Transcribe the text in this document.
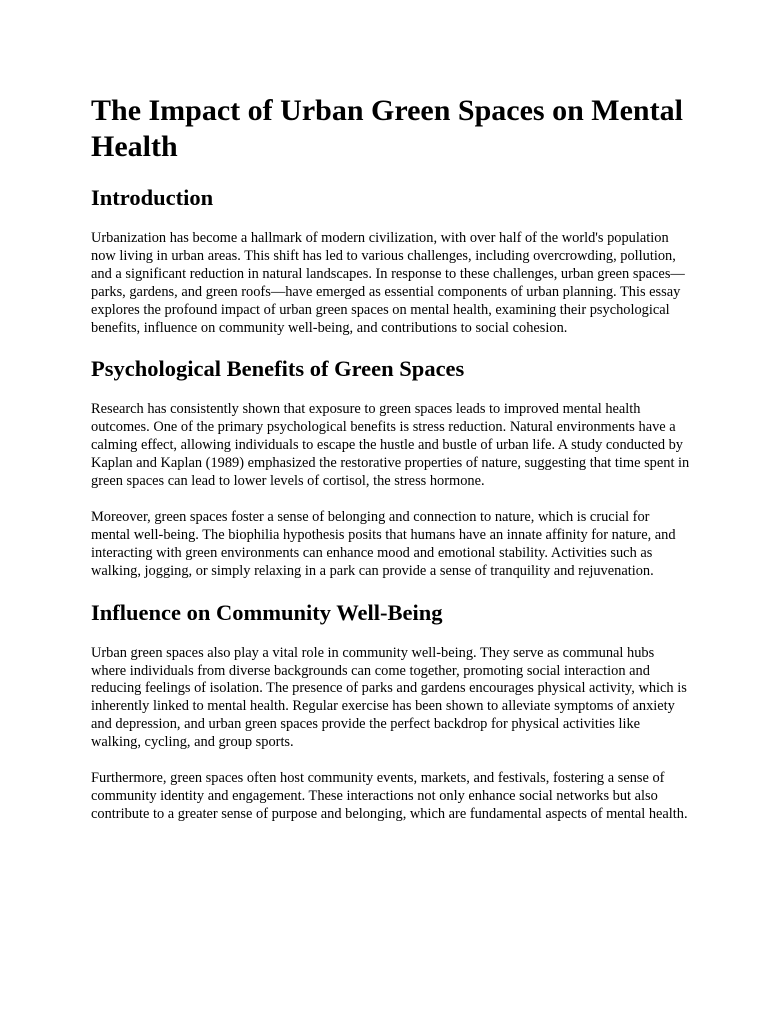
The Impact of Urban Green Spaces on Mental Health
Introduction

Urbanization has become a hallmark of modern civilization, with over half of the world's population now living in urban areas. This shift has led to various challenges, including overcrowding, pollution, and a significant reduction in natural landscapes. In response to these challenges, urban green spaces—parks, gardens, and green roofs—have emerged as essential components of urban planning. This essay explores the profound impact of urban green spaces on mental health, examining their psychological benefits, influence on community well-being, and contributions to social cohesion.

Psychological Benefits of Green Spaces

Research has consistently shown that exposure to green spaces leads to improved mental health outcomes. One of the primary psychological benefits is stress reduction. Natural environments have a calming effect, allowing individuals to escape the hustle and bustle of urban life. A study conducted by Kaplan and Kaplan (1989) emphasized the restorative properties of nature, suggesting that time spent in green spaces can lead to lower levels of cortisol, the stress hormone.

Moreover, green spaces foster a sense of belonging and connection to nature, which is crucial for mental well-being. The biophilia hypothesis posits that humans have an innate affinity for nature, and interacting with green environments can enhance mood and emotional stability. Activities such as walking, jogging, or simply relaxing in a park can provide a sense of tranquility and rejuvenation.

Influence on Community Well-Being

Urban green spaces also play a vital role in community well-being. They serve as communal hubs where individuals from diverse backgrounds can come together, promoting social interaction and reducing feelings of isolation. The presence of parks and gardens encourages physical activity, which is inherently linked to mental health. Regular exercise has been shown to alleviate symptoms of anxiety and depression, and urban green spaces provide the perfect backdrop for physical activities like walking, cycling, and group sports.

Furthermore, green spaces often host community events, markets, and festivals, fostering a sense of community identity and engagement. These interactions not only enhance social networks but also contribute to a greater sense of purpose and belonging, which are fundamental aspects of mental health.
